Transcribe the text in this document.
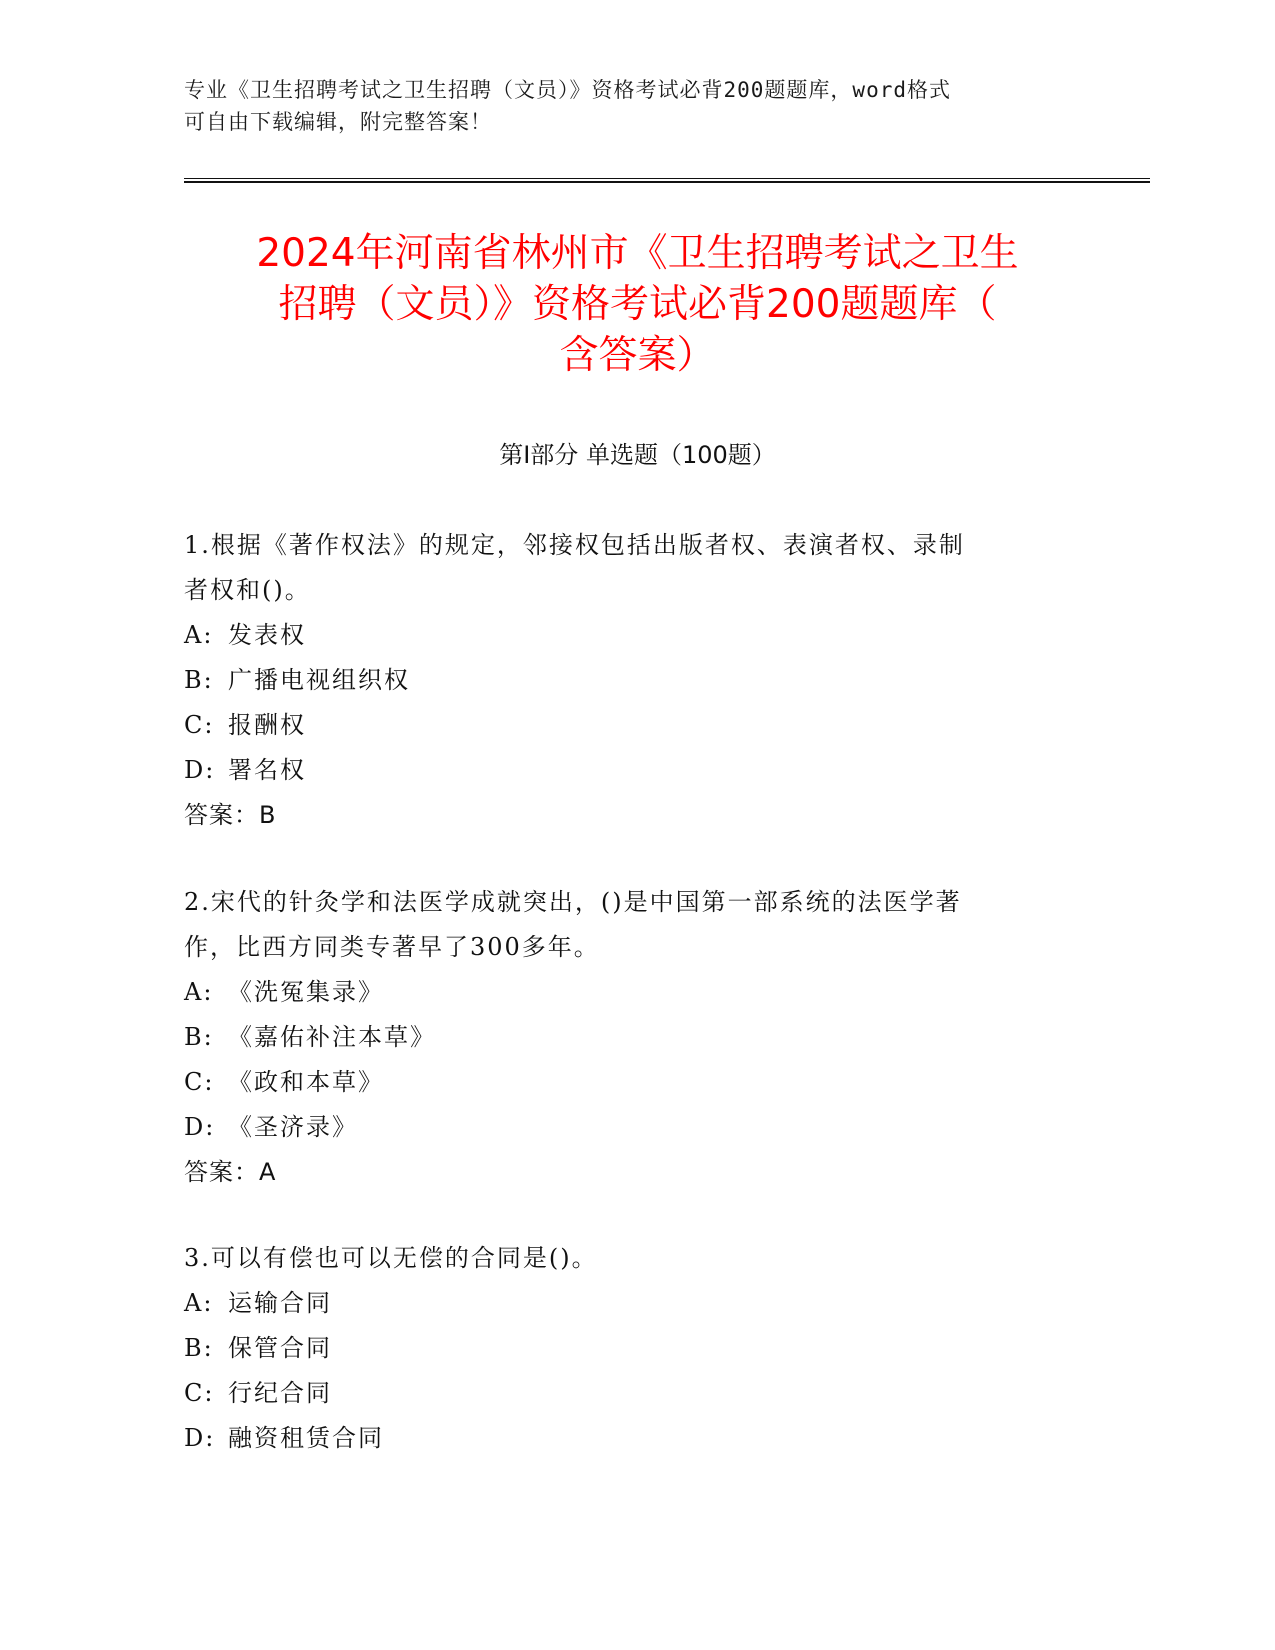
专业《卫生招聘考试之卫生招聘（文员）》资格考试必背200题题库，word格式
可自由下载编辑，附完整答案！
2024年河南省林州市《卫生招聘考试之卫生
招聘（文员）》资格考试必背200题题库（
含答案）
第Ⅰ部分 单选题（100题）
1.根据《著作权法》的规定，邻接权包括出版者权、表演者权、录制
者权和()。
A: 发表权
B: 广播电视组织权
C: 报酬权
D: 署名权
答案：B
2.宋代的针灸学和法医学成就突出，()是中国第一部系统的法医学著
作，比西方同类专著早了300多年。
A: 《洗冤集录》
B: 《嘉佑补注本草》
C: 《政和本草》
D: 《圣济录》
答案：A
3.可以有偿也可以无偿的合同是()。
A: 运输合同
B: 保管合同
C: 行纪合同
D: 融资租赁合同
